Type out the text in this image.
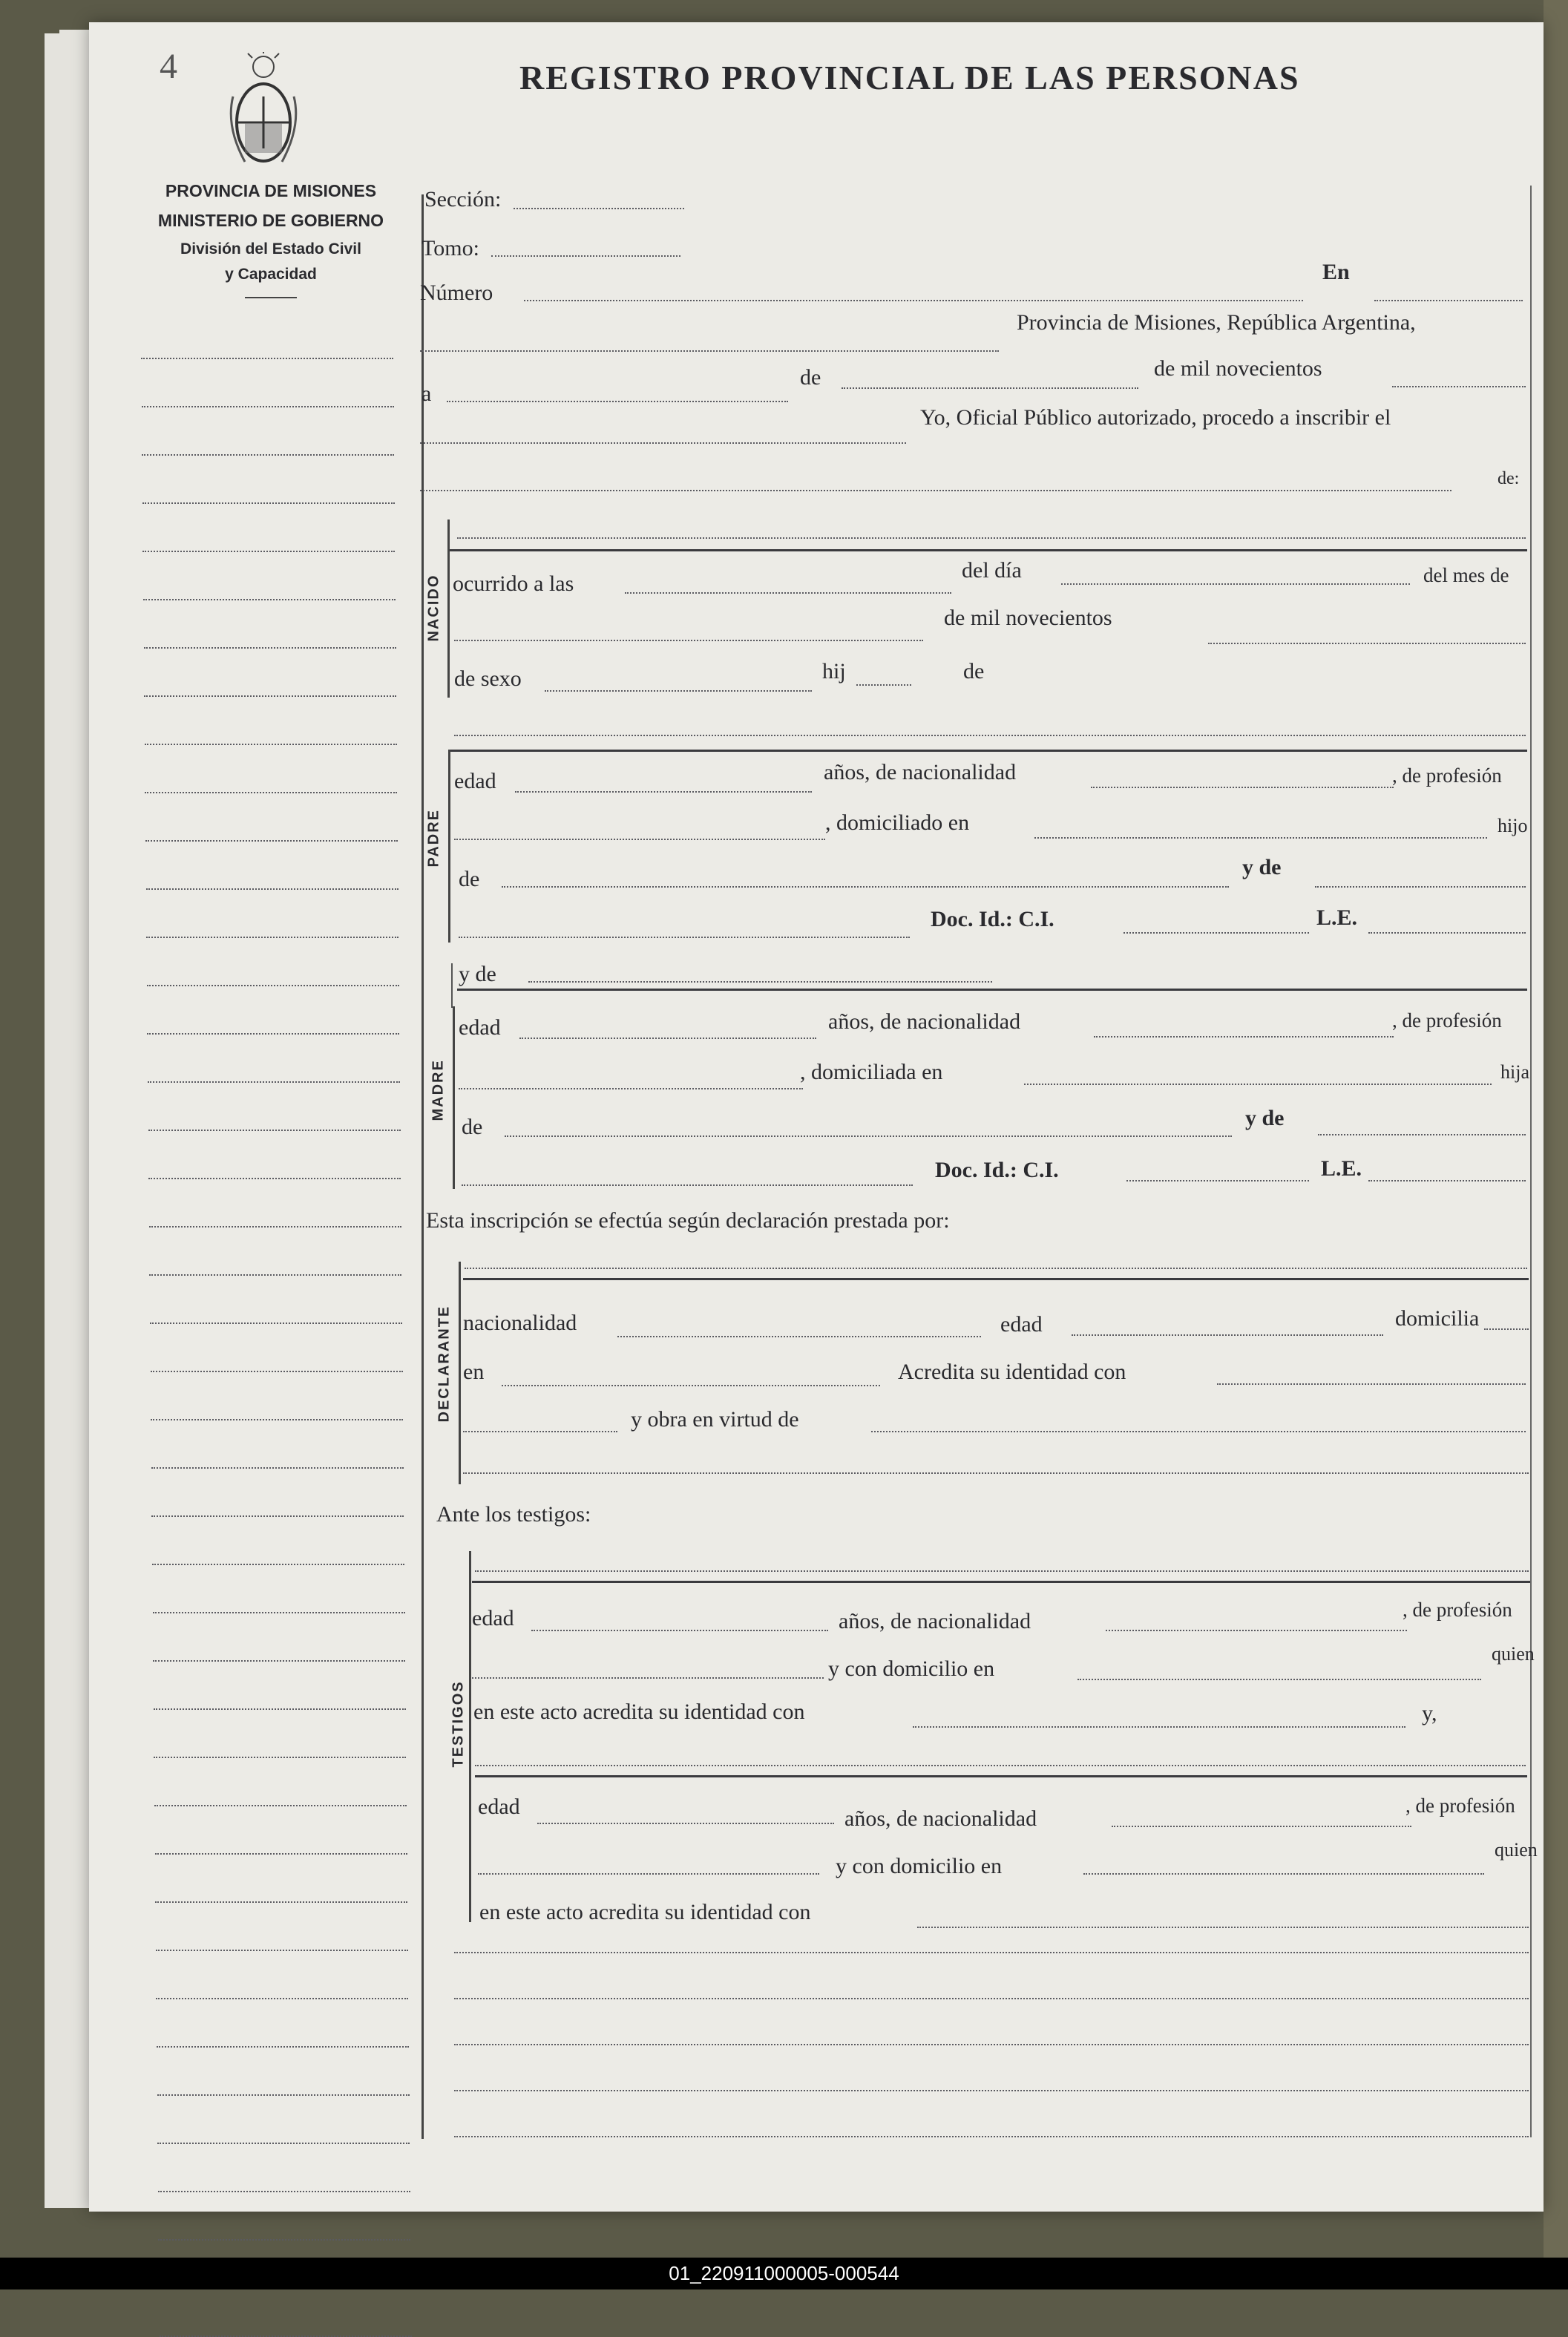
4
PROVINCIA DE MISIONES
MINISTERIO DE GOBIERNO
División del Estado Civil
y Capacidad
REGISTRO PROVINCIAL DE LAS PERSONAS
Sección:
Tomo:
Número
En
Provincia de Misiones, República Argentina,
a
de	de mil novecientos
Yo, Oficial Público autorizado, procedo a inscribir el
de:
NACIDO ocurrido a las
del día	del mes de
de mil novecientos
de sexo	hij	de
PADRE
edad	años, de nacionalidad	, de profesión
, domiciliado en	hijo
de	y de
Doc. Id.: C.I.	L.E.
y de
MADRE
edad	años, de nacionalidad	, de profesión
, domiciliada en	hija
de	y de
Doc. Id.: C.I.	L.E.
Esta inscripción se efectúa según declaración prestada por:
DECLARANTE nacionalidad	edad	domicilia
en	Acredita su identidad con
y obra en virtud de
Ante los testigos:
TESTIGOS
edad	años, de nacionalidad	, de profesión
y con domicilio en
quien
en este acto acredita su identidad con	y,
edad	años, de nacionalidad
, de profesión
y con domicilio en
quien
en este acto acredita su identidad con
01_220911000005-000544
